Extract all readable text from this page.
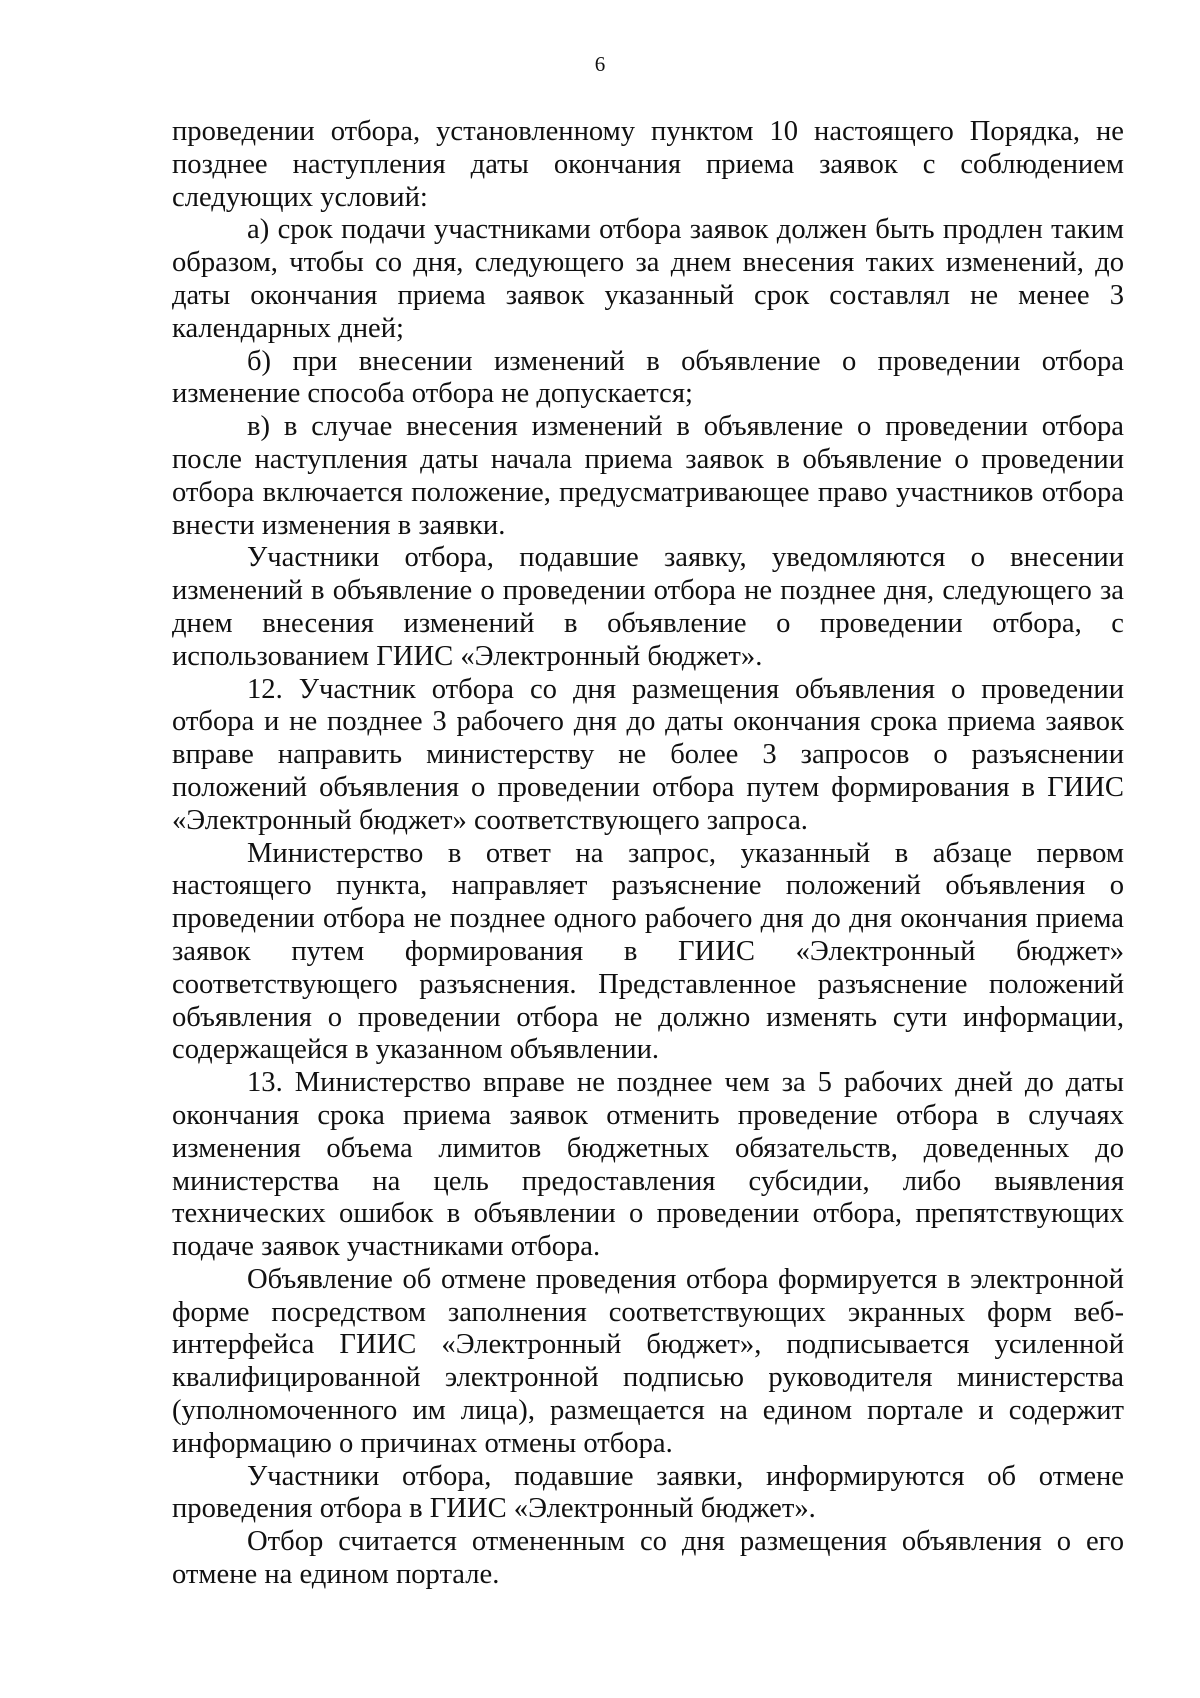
6

проведении отбора, установленному пунктом 10 настоящего Порядка, не позднее наступления даты окончания приема заявок с соблюдением следующих условий:

а) срок подачи участниками отбора заявок должен быть продлен таким образом, чтобы со дня, следующего за днем внесения таких изменений, до даты окончания приема заявок указанный срок составлял не менее 3 календарных дней;

б) при внесении изменений в объявление о проведении отбора изменение способа отбора не допускается;

в) в случае внесения изменений в объявление о проведении отбора после наступления даты начала приема заявок в объявление о проведении отбора включается положение, предусматривающее право участников отбора внести изменения в заявки.

Участники отбора, подавшие заявку, уведомляются о внесении изменений в объявление о проведении отбора не позднее дня, следующего за днем внесения изменений в объявление о проведении отбора, с использованием ГИИС «Электронный бюджет».

12. Участник отбора со дня размещения объявления о проведении отбора и не позднее 3 рабочего дня до даты окончания срока приема заявок вправе направить министерству не более 3 запросов о разъяснении положений объявления о проведении отбора путем формирования в ГИИС «Электронный бюджет» соответствующего запроса.

Министерство в ответ на запрос, указанный в абзаце первом настоящего пункта, направляет разъяснение положений объявления о проведении отбора не позднее одного рабочего дня до дня окончания приема заявок путем формирования в ГИИС «Электронный бюджет» соответствующего разъяснения. Представленное разъяснение положений объявления о проведении отбора не должно изменять сути информации, содержащейся в указанном объявлении.

13. Министерство вправе не позднее чем за 5 рабочих дней до даты окончания срока приема заявок отменить проведение отбора в случаях изменения объема лимитов бюджетных обязательств, доведенных до министерства на цель предоставления субсидии, либо выявления технических ошибок в объявлении о проведении отбора, препятствующих подаче заявок участниками отбора.

Объявление об отмене проведения отбора формируется в электронной форме посредством заполнения соответствующих экранных форм веб-интерфейса ГИИС «Электронный бюджет», подписывается усиленной квалифицированной электронной подписью руководителя министерства (уполномоченного им лица), размещается на едином портале и содержит информацию о причинах отмены отбора.

Участники отбора, подавшие заявки, информируются об отмене проведения отбора в ГИИС «Электронный бюджет».

Отбор считается отмененным со дня размещения объявления о его отмене на едином портале.
